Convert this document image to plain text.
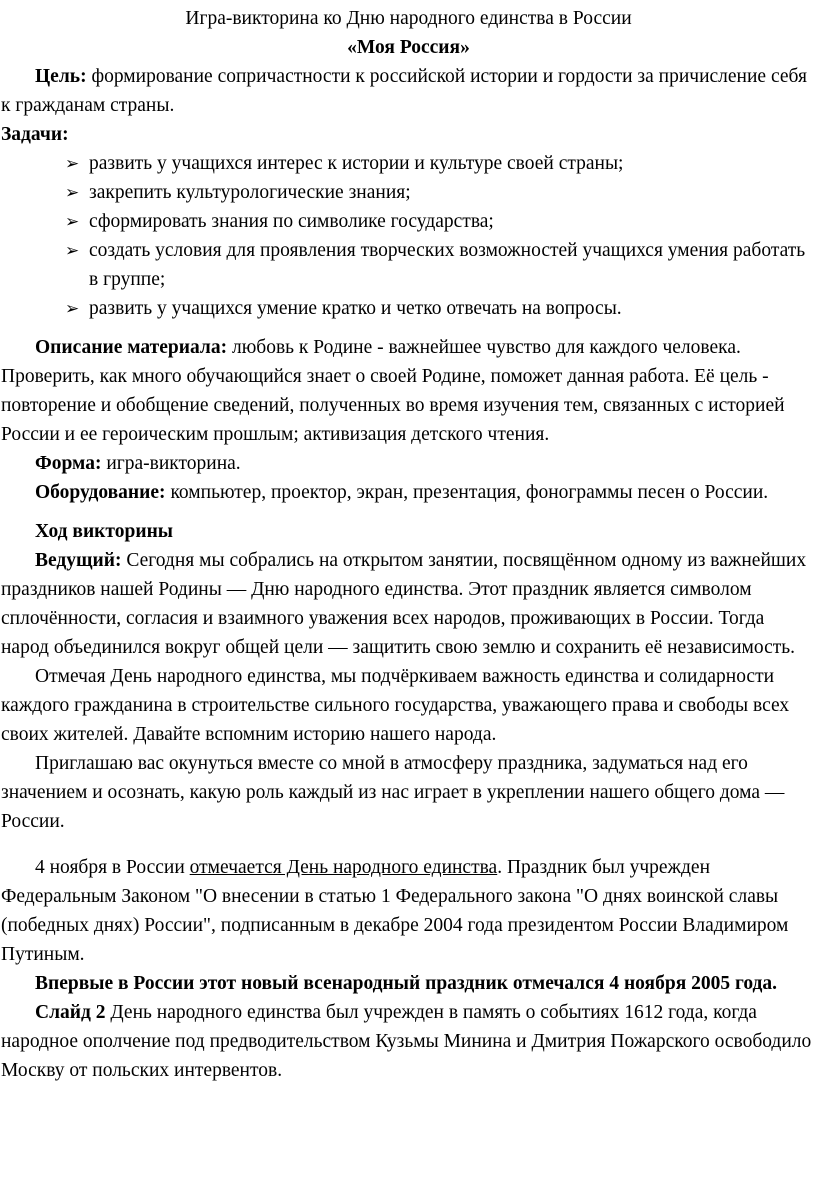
Игра-викторина ко Дню народного единства в России

«Моя Россия»

Цель: формирование сопричастности к российской истории и гордости за причисление себя к гражданам страны.

Задачи:

➢ развить у учащихся интерес к истории и культуре своей страны;
➢ закрепить культурологические знания;
➢ сформировать знания по символике государства;
➢ создать условия для проявления творческих возможностей учащихся умения работать в группе;
➢ развить у учащихся умение кратко и четко отвечать на вопросы.

Описание материала: любовь к Родине - важнейшее чувство для каждого человека. Проверить, как много обучающийся знает о своей Родине, поможет данная работа. Её цель - повторение и обобщение сведений, полученных во время изучения тем, связанных с историей России и ее героическим прошлым; активизация детского чтения.

Форма: игра-викторина.

Оборудование: компьютер, проектор, экран, презентация, фонограммы песен о России.

Ход викторины

Ведущий: Сегодня мы собрались на открытом занятии, посвящённом одному из важнейших праздников нашей Родины — Дню народного единства. Этот праздник является символом сплочённости, согласия и взаимного уважения всех народов, проживающих в России. Тогда народ объединился вокруг общей цели — защитить свою землю и сохранить её независимость.

Отмечая День народного единства, мы подчёркиваем важность единства и солидарности каждого гражданина в строительстве сильного государства, уважающего права и свободы всех своих жителей. Давайте вспомним историю нашего народа.

Приглашаю вас окунуться вместе со мной в атмосферу праздника, задуматься над его значением и осознать, какую роль каждый из нас играет в укреплении нашего общего дома — России.

4 ноября в России отмечается День народного единства. Праздник был учрежден Федеральным Законом "О внесении в статью 1 Федерального закона "О днях воинской славы (победных днях) России", подписанным в декабре 2004 года президентом России Владимиром Путиным.

Впервые в России этот новый всенародный праздник отмечался 4 ноября 2005 года.

Слайд 2 День народного единства был учрежден в память о событиях 1612 года, когда народное ополчение под предводительством Кузьмы Минина и Дмитрия Пожарского освободило Москву от польских интервентов.
